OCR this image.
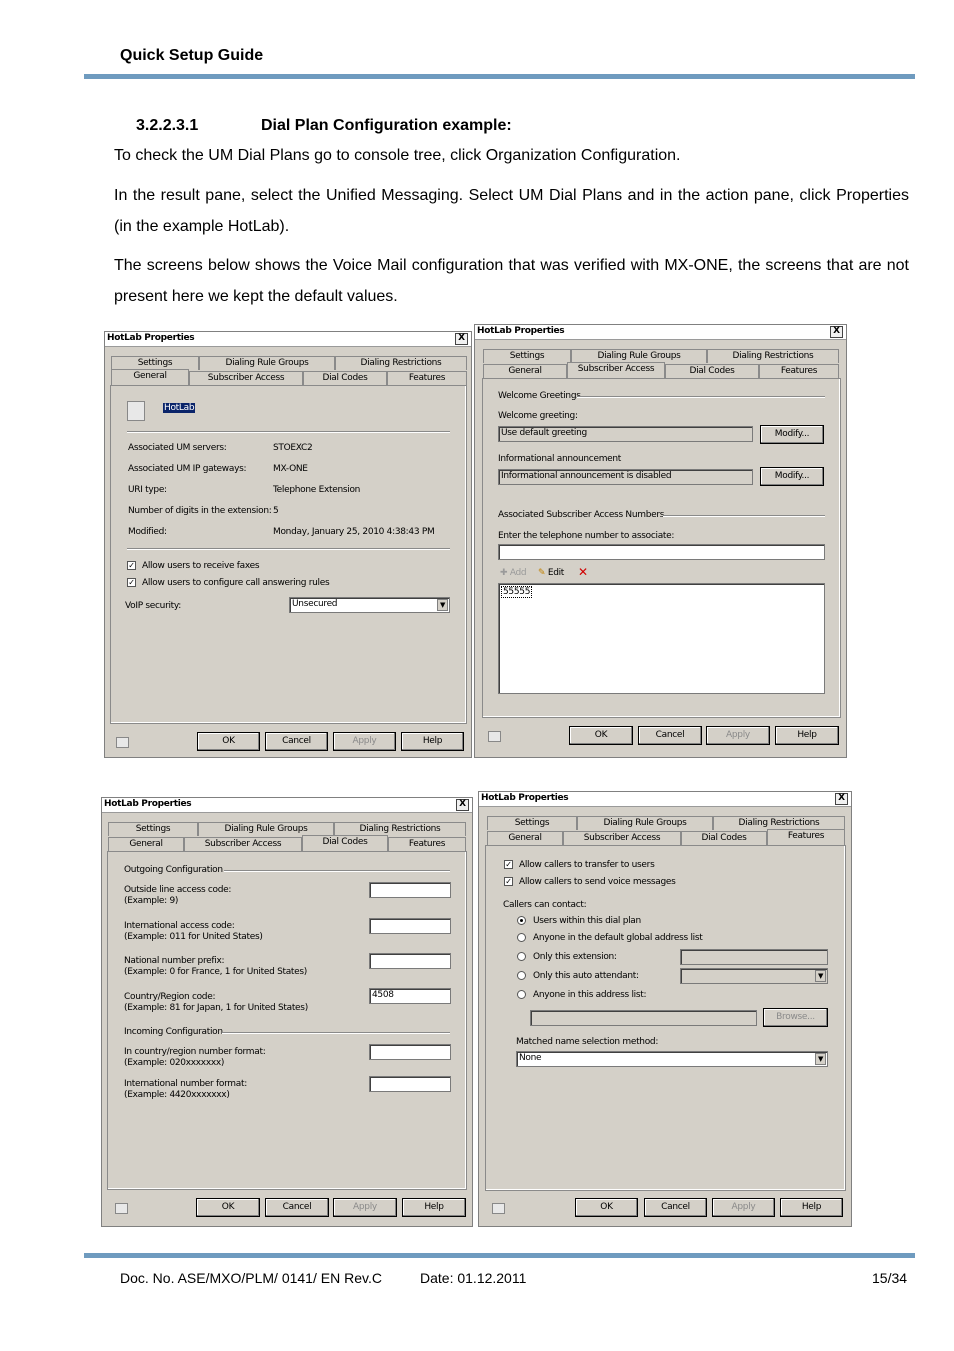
Quick Setup Guide
3.2.2.3.1	Dial Plan Configuration example:
To check the UM Dial Plans go to console tree, click Organization Configuration.
In the result pane, select the Unified Messaging. Select UM Dial Plans and in the action pane, click Properties (in the example HotLab).
The screens below shows the Voice Mail configuration that was verified with MX-ONE, the screens that are not present here we kept the default values.
HotLab Properties	X
Settings	Dialing Rule Groups	Dialing Restrictions
General	Subscriber Access	Dial Codes	Features
HotLab
Associated UM servers:	STOEXC2
Associated UM IP gateways:	MX-ONE
URI type:	Telephone Extension
Number of digits in the extension: 5
Modified:	Monday, January 25, 2010 4:38:43 PM
✓ Allow users to receive faxes
✓ Allow users to configure call answering rules
VoIP security:	Unsecured	▼
OK	Cancel	Apply	Help
HotLab Properties	X
Settings	Dialing Rule Groups	Dialing Restrictions
General	Subscriber Access	Dial Codes	Features
Welcome Greetings
Welcome greeting:
Use default greeting	Modify...
Informational announcement
Informational announcement is disabled	Modify...
Associated Subscriber Access Numbers
Enter the telephone number to associate:
✚ Add ✎ Edit ✕
55555
OK	Cancel	Apply	Help
HotLab Properties	X
Settings	Dialing Rule Groups	Dialing Restrictions
General	Subscriber Access	Dial Codes	Features
Outgoing Configuration
Outside line access code:
(Example: 9)
International access code:
(Example: 011 for United States)
National number prefix:
(Example: 0 for France, 1 for United States)
Country/Region code:
(Example: 81 for Japan, 1 for United States)
4508
Incoming Configuration
In country/region number format:
(Example: 020xxxxxxx)
International number format:
(Example: 4420xxxxxxx)
OK	Cancel	Apply	Help
HotLab Properties	X
Settings	Dialing Rule Groups	Dialing Restrictions
General	Subscriber Access	Dial Codes	Features
✓ Allow callers to transfer to users
✓ Allow callers to send voice messages
Callers can contact:
Users within this dial plan
Anyone in the default global address list
Only this extension:
Only this auto attendant:	▼
Anyone in this address list:
Browse...
Matched name selection method:
None	▼
OK	Cancel	Apply	Help
Doc. No. ASE/MXO/PLM/ 0141/ EN Rev.C	Date: 01.12.2011	15/34
